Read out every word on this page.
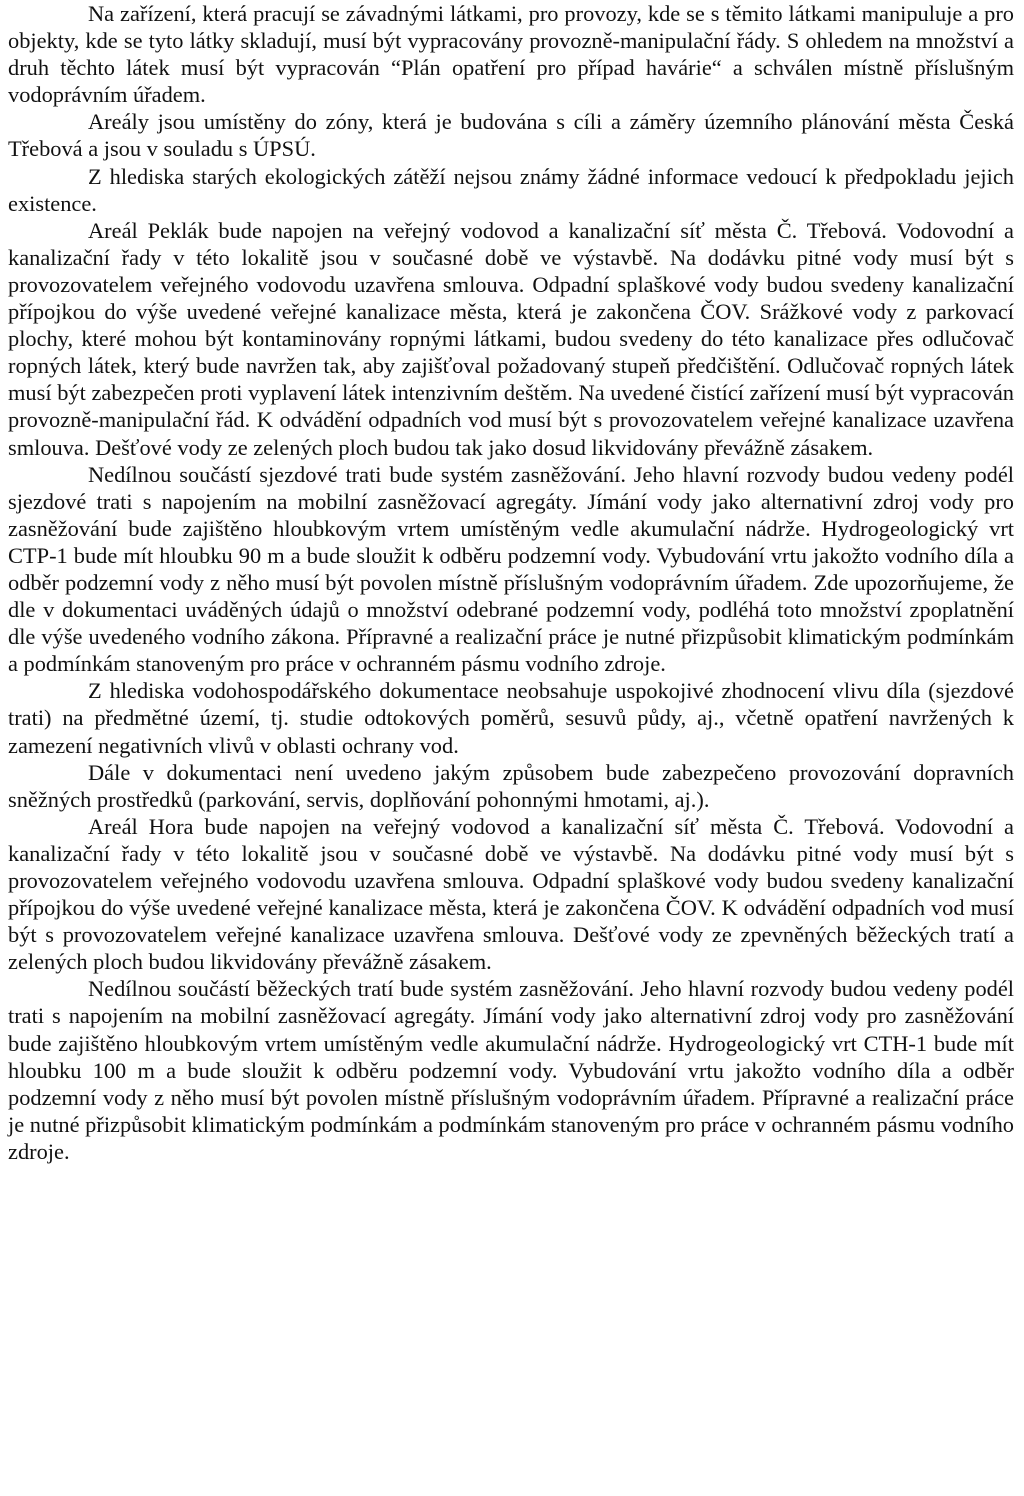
Na zařízení, která pracují se závadnými látkami, pro provozy, kde se s těmito látkami manipuluje a pro objekty, kde se tyto látky skladují, musí být vypracovány provozně-manipulační řády. S ohledem na množství a druh těchto látek musí být vypracován “Plán opatření pro případ havárie“ a schválen místně příslušným vodoprávním úřadem.

Areály jsou umístěny do zóny, která je budována s cíli a záměry územního plánování města Česká Třebová a jsou v souladu s ÚPSÚ.

Z hlediska starých ekologických zátěží nejsou známy žádné informace vedoucí k předpokladu jejich existence.

Areál Peklák bude napojen na veřejný vodovod a kanalizační síť města Č. Třebová. Vodovodní a kanalizační řady v této lokalitě jsou v současné době ve výstavbě. Na dodávku pitné vody musí být s provozovatelem veřejného vodovodu uzavřena smlouva. Odpadní splaškové vody budou svedeny kanalizační přípojkou do výše uvedené veřejné kanalizace města, která je zakončena ČOV. Srážkové vody z parkovací plochy, které mohou být kontaminovány ropnými látkami, budou svedeny do této kanalizace přes odlučovač ropných látek, který bude navržen tak, aby zajišťoval požadovaný stupeň předčištění. Odlučovač ropných látek musí být zabezpečen proti vyplavení látek intenzivním deštěm. Na uvedené čistící zařízení musí být vypracován provozně-manipulační řád. K odvádění odpadních vod musí být s provozovatelem veřejné kanalizace uzavřena smlouva. Dešťové vody ze zelených ploch budou tak jako dosud likvidovány převážně zásakem.

Nedílnou součástí sjezdové trati bude systém zasněžování. Jeho hlavní rozvody budou vedeny podél sjezdové trati s napojením na mobilní zasněžovací agregáty. Jímání vody jako alternativní zdroj vody pro zasněžování bude zajištěno hloubkovým vrtem umístěným vedle akumulační nádrže. Hydrogeologický vrt CTP-1 bude mít hloubku 90 m a bude sloužit k odběru podzemní vody. Vybudování vrtu jakožto vodního díla a odběr podzemní vody z něho musí být povolen místně příslušným vodoprávním úřadem. Zde upozorňujeme, že dle v dokumentaci uváděných údajů o množství odebrané podzemní vody, podléhá toto množství zpoplatnění dle výše uvedeného vodního zákona. Přípravné a realizační práce je nutné přizpůsobit klimatickým podmínkám a podmínkám stanoveným pro práce v ochranném pásmu vodního zdroje.

Z hlediska vodohospodářského dokumentace neobsahuje uspokojivé zhodnocení vlivu díla (sjezdové trati) na předmětné území, tj. studie odtokových poměrů, sesuvů půdy, aj., včetně opatření navržených k zamezení negativních vlivů v oblasti ochrany vod.

Dále v dokumentaci není uvedeno jakým způsobem bude zabezpečeno provozování dopravních sněžných prostředků (parkování, servis, doplňování pohonnými hmotami, aj.).

Areál Hora bude napojen na veřejný vodovod a kanalizační síť města Č. Třebová. Vodovodní a kanalizační řady v této lokalitě jsou v současné době ve výstavbě. Na dodávku pitné vody musí být s provozovatelem veřejného vodovodu uzavřena smlouva. Odpadní splaškové vody budou svedeny kanalizační přípojkou do výše uvedené veřejné kanalizace města, která je zakončena ČOV. K odvádění odpadních vod musí být s provozovatelem veřejné kanalizace uzavřena smlouva. Dešťové vody ze zpevněných běžeckých tratí a zelených ploch budou likvidovány převážně zásakem.

Nedílnou součástí běžeckých tratí bude systém zasněžování. Jeho hlavní rozvody budou vedeny podél trati s napojením na mobilní zasněžovací agregáty. Jímání vody jako alternativní zdroj vody pro zasněžování bude zajištěno hloubkovým vrtem umístěným vedle akumulační nádrže. Hydrogeologický vrt CTH-1 bude mít hloubku 100 m a bude sloužit k odběru podzemní vody. Vybudování vrtu jakožto vodního díla a odběr podzemní vody z něho musí být povolen místně příslušným vodoprávním úřadem. Přípravné a realizační práce je nutné přizpůsobit klimatickým podmínkám a podmínkám stanoveným pro práce v ochranném pásmu vodního zdroje.
